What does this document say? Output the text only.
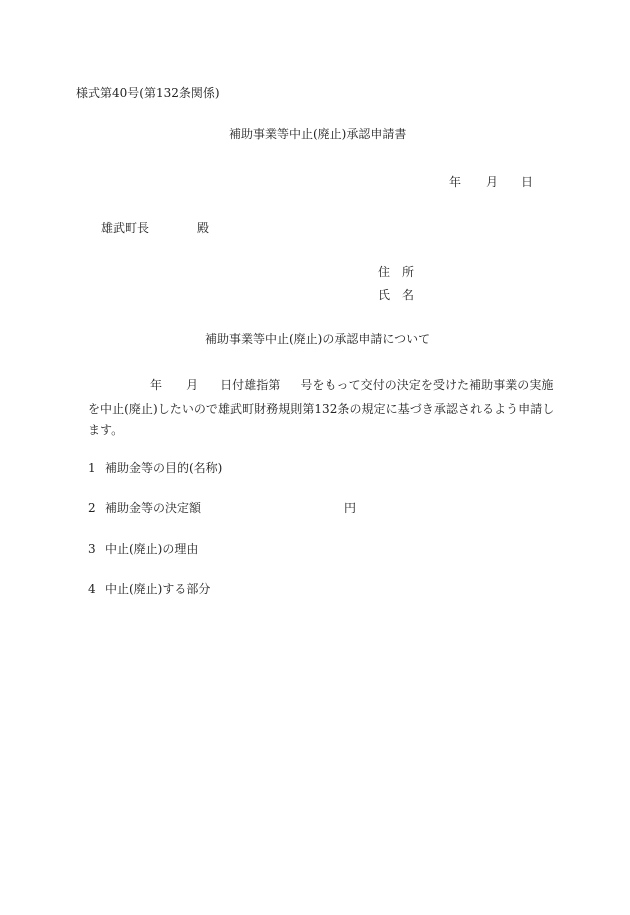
様式第40号(第132条関係)
補助事業等中止(廃止)承認申請書
年 月 日
雄武町長	殿
住　所
氏　名
補助事業等中止(廃止)の承認申請について
年 月 日付雄指第 号をもって交付の決定を受けた補助事業の実施
を中止(廃止)したいので雄武町財務規則第132条の規定に基づき承認されるよう申請し
ます。
1 補助金等の目的(名称)
2 補助金等の決定額	円
3 中止(廃止)の理由
4 中止(廃止)する部分
